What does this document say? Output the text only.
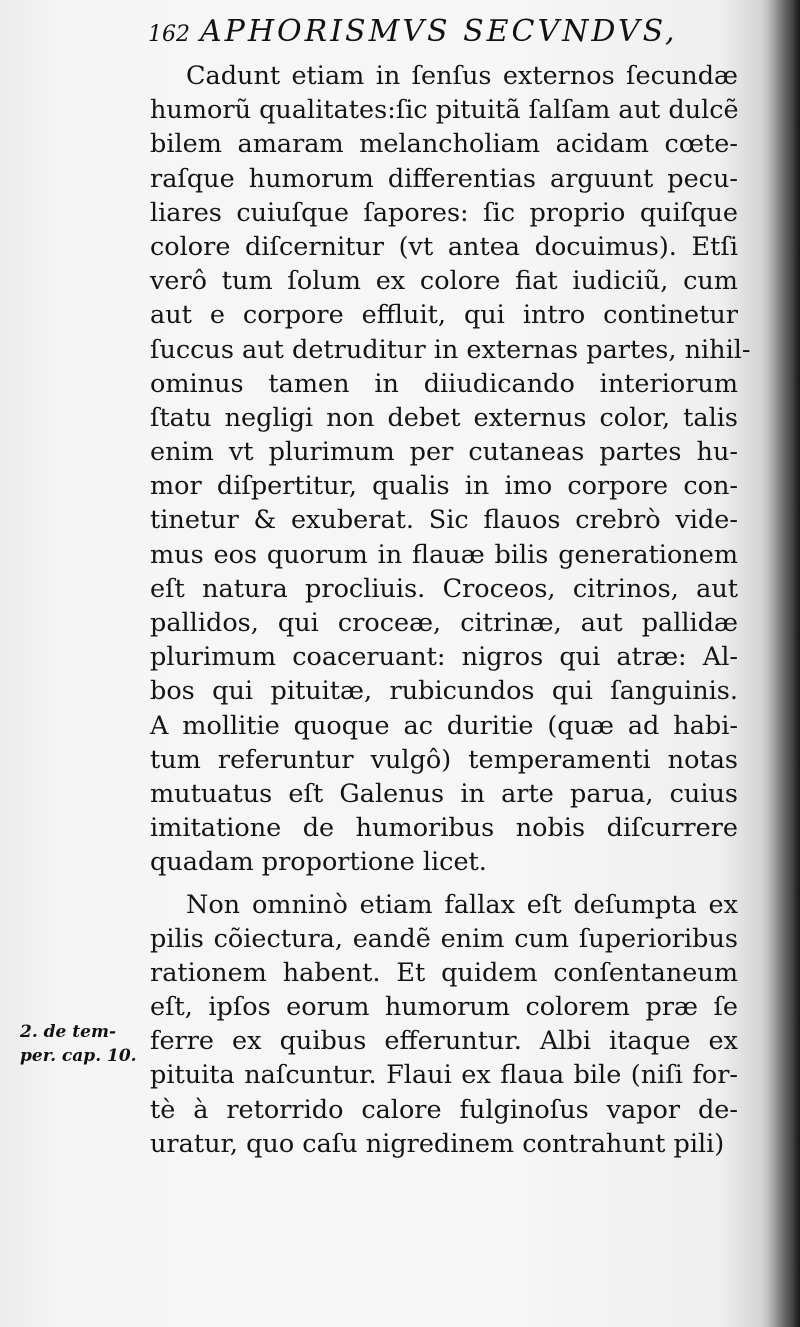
162 APHORISMVS SECVNDVS,
Cadunt etiam in ſenſus externos ſecundæ
humorũ qualitates:ſic pituitã ſalſam aut dulcẽ
bilem amaram melancholiam acidam cœte-
raſque humorum differentias arguunt pecu-
liares cuiuſque ſapores: ſic proprio quiſque
colore diſcernitur (vt antea docuimus). Etſi
verô tum ſolum ex colore fiat iudiciũ, cum
aut e corpore effluit, qui intro continetur
ſuccus aut detruditur in externas partes, nihil-
ominus tamen in diiudicando interiorum
ſtatu negligi non debet externus color, talis
enim vt plurimum per cutaneas partes hu-
mor diſpertitur, qualis in imo corpore con-
tinetur & exuberat. Sic flauos crebrò vide-
mus eos quorum in flauæ bilis generationem
eſt natura procliuis. Croceos, citrinos, aut
pallidos, qui croceæ, citrinæ, aut pallidæ
plurimum coaceruant: nigros qui atræ: Al-
bos qui pituitæ, rubicundos qui ſanguinis.
A mollitie quoque ac duritie (quæ ad habi-
tum referuntur vulgô) temperamenti notas
mutuatus eſt Galenus in arte parua, cuius
imitatione de humoribus nobis diſcurrere
quadam proportione licet.
Non omninò etiam fallax eſt deſumpta ex
pilis cõiectura, eandẽ enim cum ſuperioribus
rationem habent. Et quidem conſentaneum
eſt, ipſos eorum humorum colorem præ ſe
ferre ex quibus efferuntur. Albi itaque ex
pituita naſcuntur. Flaui ex flaua bile (niſi for-
tè à retorrido calore fulginoſus vapor de-
uratur, quo caſu nigredinem contrahunt pili)
2. de tem-
per. cap. 10.
